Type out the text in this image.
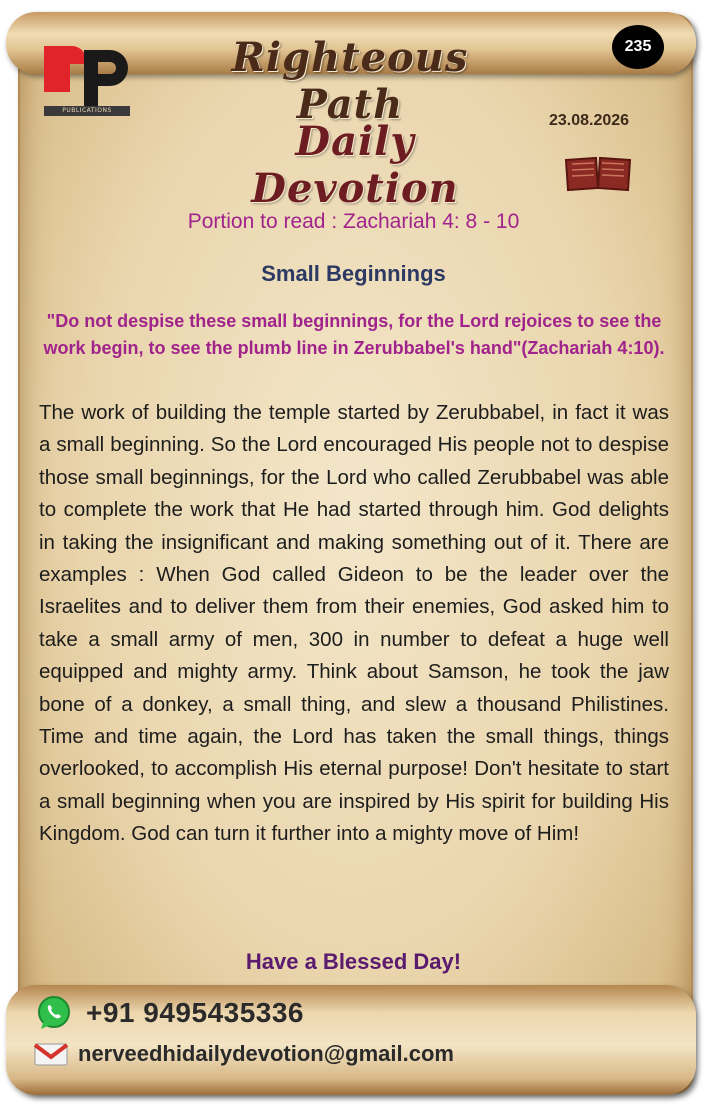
PUBLICATIONS
Righteous Path
Daily Devotion
235
23.08.2026
Portion to read : Zachariah 4: 8 - 10
Small Beginnings
"Do not despise these small beginnings, for the Lord rejoices to see the work begin, to see the plumb line in Zerubbabel's hand"(Zachariah 4:10).
The work of building the temple started by Zerubbabel, in fact it was a small beginning. So the Lord encouraged His people not to despise those small beginnings, for the Lord who called Zerubbabel was able to complete the work that He had started through him. God delights in taking the insignificant and making something out of it. There are examples : When God called Gideon to be the leader over the Israelites and to deliver them from their enemies, God asked him to take a small army of men, 300 in number to defeat a huge well equipped and mighty army. Think about Samson, he took the jaw bone of a donkey, a small thing, and slew a thousand Philistines. Time and time again, the Lord has taken the small things, things overlooked, to accomplish His eternal purpose! Don't hesitate to start a small beginning when you are inspired by His spirit for building His Kingdom. God can turn it further into a mighty move of Him!
Have a Blessed Day!
+91 9495435336
nerveedhidailydevotion@gmail.com
